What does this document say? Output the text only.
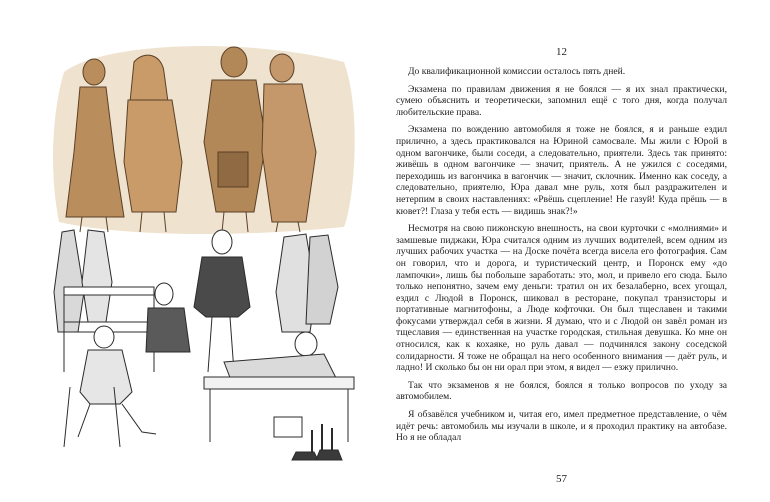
12

До квалификационной комиссии осталось пять дней.

Экзамена по правилам движения я не боялся — я их знал практически, сумею объяснить и теоретически, запомнил ещё с того дня, когда получал любительские права.

Экзамена по вождению автомобиля я тоже не боялся, я и раньше ездил прилично, а здесь практиковался на Юриной самосвале. Мы жили с Юрой в одном вагончике, были соседи, а следовательно, приятели. Здесь так принято: живёшь в одном вагончике — значит, приятель. А не ужился с соседями, переходишь из вагончика в вагончик — значит, склочник. Именно как соседу, а следовательно, приятелю, Юра давал мне руль, хотя был раздражителен и нетерпим в своих наставлениях: «Рвёшь сцепление! Не газуй! Куда прёшь — в кювет?! Глаза у тебя есть — видишь знак?!»

Несмотря на свою пижонскую внешность, на свои курточки с «молниями» и замшевые пиджаки, Юра считался одним из лучших водителей, всем одним из лучших рабочих участка — на Доске почёта всегда висела его фотография. Сам он говорил, что и дорога, и туристический центр, и Поронск ему «до лампочки», лишь бы побольше заработать: это, мол, и привело его сюда. Было только непонятно, зачем ему деньги: тратил он их безалаберно, всех угощал, ездил с Людой в Поронск, шиковал в ресторане, покупал транзисторы и портативные магнитофоны, а Люде кофточки. Он был тщеславен и такими фокусами утверждал себя в жизни. Я думаю, что и с Людой он завёл роман из тщеславия — единственная на участке городская, стильная девушка. Ко мне он относился, как к кохаяке, но руль давал — подчинялся закону соседской солидарности. Я тоже не обращал на него особенного внимания — даёт руль, и ладно! И сколько бы он ни орал при этом, я видел — езжу прилично.

Так что экзаменов я не боялся, боялся я только вопросов по уходу за автомобилем.

Я обзавёлся учебником и, читая его, имел предметное представление, о чём идёт речь: автомобиль мы изучали в школе, и я проходил практику на автобазе. Но я не обладал

57
